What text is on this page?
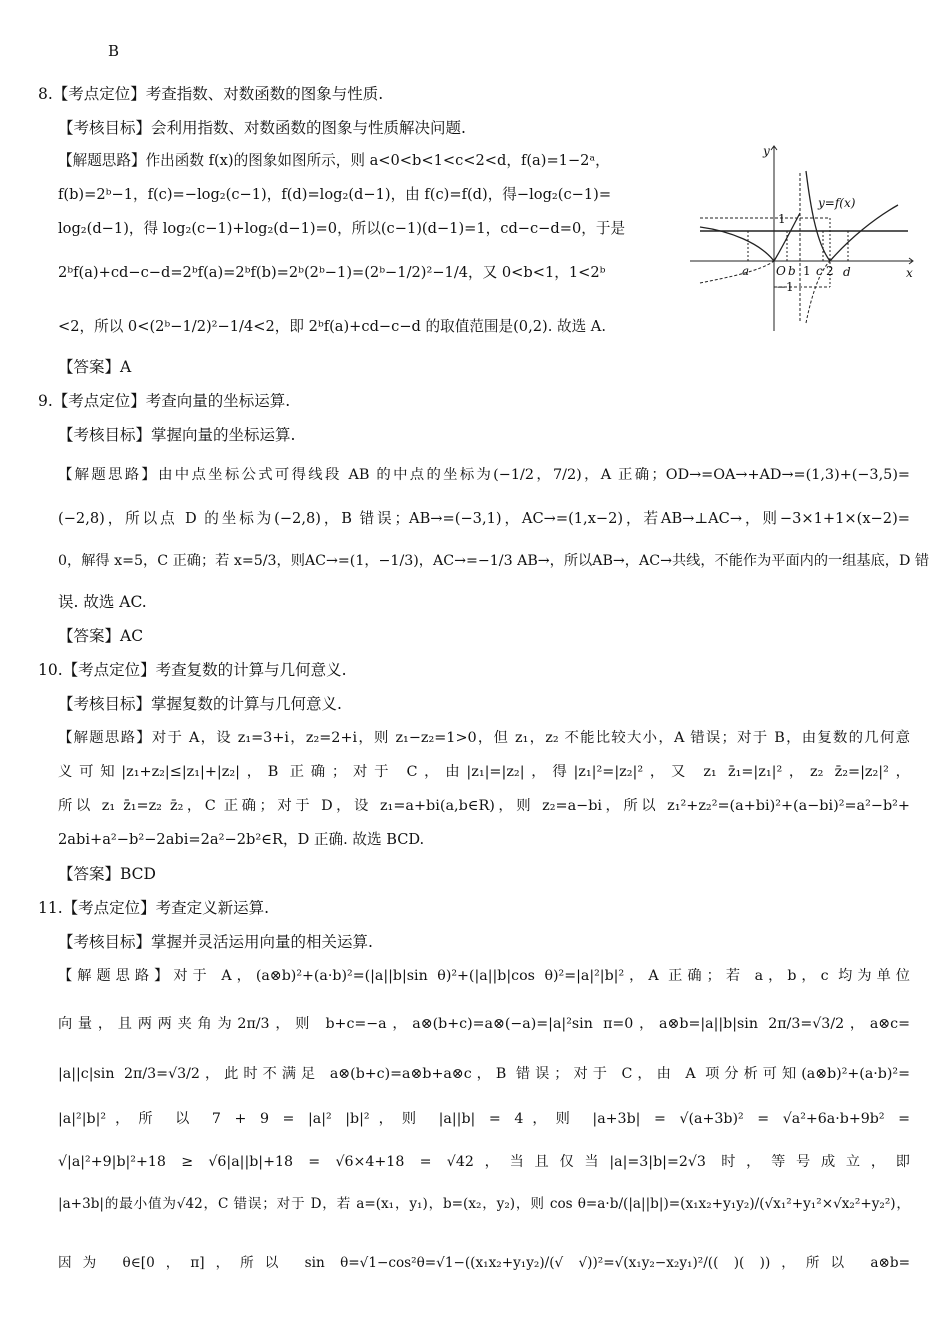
B
8.【考点定位】考查指数、对数函数的图象与性质.
【考核目标】会利用指数、对数函数的图象与性质解决问题.
【解题思路】作出函数 f(x)的图象如图所示，则 a<0<b<1<c<2<d，f(a)=1−2ᵃ，
f(b)=2ᵇ−1，f(c)=−log₂(c−1)，f(d)=log₂(d−1)，由 f(c)=f(d)，得−log₂(c−1)=
log₂(d−1)，得 log₂(c−1)+log₂(d−1)=0，所以(c−1)(d−1)=1，cd−c−d=0，于是
2ᵇf(a)+cd−c−d=2ᵇf(a)=2ᵇf(b)=2ᵇ(2ᵇ−1)=(2ᵇ−1/2)²−1/4，又 0<b<1，1<2ᵇ
<2，所以 0<(2ᵇ−1/2)²−1/4<2，即 2ᵇf(a)+cd−c−d 的取值范围是(0,2). 故选 A.
【答案】A
y
x
y=f(x)
a O b c d
1
−1
1 2
9.【考点定位】考查向量的坐标运算.
【考核目标】掌握向量的坐标运算.
【解题思路】由中点坐标公式可得线段 AB 的中点的坐标为(−1/2，7/2)，A 正确；OD→=OA→+AD→=(1,3)+(−3,5)=
(−2,8)，所以点 D 的坐标为(−2,8)，B 错误；AB→=(−3,1)，AC→=(1,x−2)，若AB→⊥AC→，则−3×1+1×(x−2)=
0，解得 x=5，C 正确；若 x=5/3，则AC→=(1，−1/3)，AC→=−1/3 AB→，所以AB→，AC→共线，不能作为平面内的一组基底，D 错
误. 故选 AC.
【答案】AC
10.【考点定位】考查复数的计算与几何意义.
【考核目标】掌握复数的计算与几何意义.
【解题思路】对于 A，设 z₁=3+i，z₂=2+i，则 z₁−z₂=1>0，但 z₁，z₂ 不能比较大小，A 错误；对于 B，由复数的几何意
义可知|z₁+z₂|≤|z₁|+|z₂|，B 正确；对于 C，由|z₁|=|z₂|，得|z₁|²=|z₂|²，又 z₁ z̄₁=|z₁|²，z₂ z̄₂=|z₂|²，
所以 z₁ z̄₁=z₂ z̄₂，C 正确；对于 D，设 z₁=a+bi(a,b∈R)，则 z₂=a−bi，所以 z₁²+z₂²=(a+bi)²+(a−bi)²=a²−b²+
2abi+a²−b²−2abi=2a²−2b²∈R，D 正确. 故选 BCD.
【答案】BCD
11.【考点定位】考查定义新运算.
【考核目标】掌握并灵活运用向量的相关运算.
【解题思路】对于 A，(a⊗b)²+(a·b)²=(|a||b|sin θ)²+(|a||b|cos θ)²=|a|²|b|²，A 正确；若 a，b，c 均为单位
向量，且两两夹角为2π/3，则 b+c=−a，a⊗(b+c)=a⊗(−a)=|a|²sin π=0，a⊗b=|a||b|sin 2π/3=√3/2，a⊗c=
|a||c|sin 2π/3=√3/2，此时不满足 a⊗(b+c)=a⊗b+a⊗c，B 错误；对于 C，由 A 项分析可知(a⊗b)²+(a·b)²=
|a|²|b|²，所 以 7 + 9 = |a|² |b|²，则 |a||b| = 4，则 |a+3b| = √(a+3b)² = √a²+6a·b+9b² =
√|a|²+9|b|²+18 ≥ √6|a||b|+18 = √6×4+18 = √42，当且仅当|a|=3|b|=2√3 时，等号成立，即
|a+3b|的最小值为√42，C 错误；对于 D，若 a=(x₁，y₁)，b=(x₂，y₂)，则 cos θ=a·b/(|a||b|)=(x₁x₂+y₁y₂)/(√x₁²+y₁²×√x₂²+y₂²)，
因为 θ∈[0，π]，所以 sin θ=√1−cos²θ=√1−((x₁x₂+y₁y₂)/(√ √))²=√(x₁y₂−x₂y₁)²/(( )( ))，所以 a⊗b=
